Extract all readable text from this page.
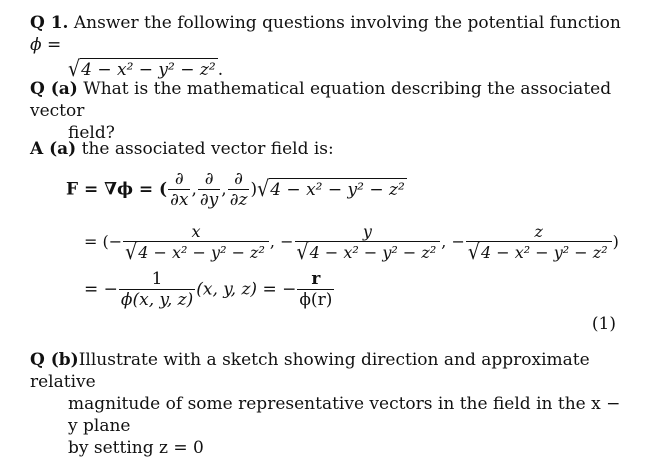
Q 1. Answer the following questions involving the potential function ϕ =
√4 − x² − y² − z² .
Q (a) What is the mathematical equation describing the associated vector
field?
A (a) the associated vector field is:
F = ∇ϕ = ( $\frac{\partial}{\partial x}$ , $\frac{\partial}{\partial y}$ , $\frac{\partial}{\partial z} )√4 - x^2 - y^2 - z^2$
= (− $\frac{x}{\text{√4 − x² − y² − z²}}$ , − $\frac{y}{\text{√4 − x² − y² − z²}}$ , − $\frac{z}{\text{√4 − x² − y² − z²}}$ )
= − $\frac{1}{\phi(x, y, z)} (x$, y, z) = − $\frac{r}{\phi(r)}$
(1)
Q (b)Illustrate with a sketch showing direction and approximate relative
magnitude of some representative vectors in the field in the x − y plane
by setting z = 0
